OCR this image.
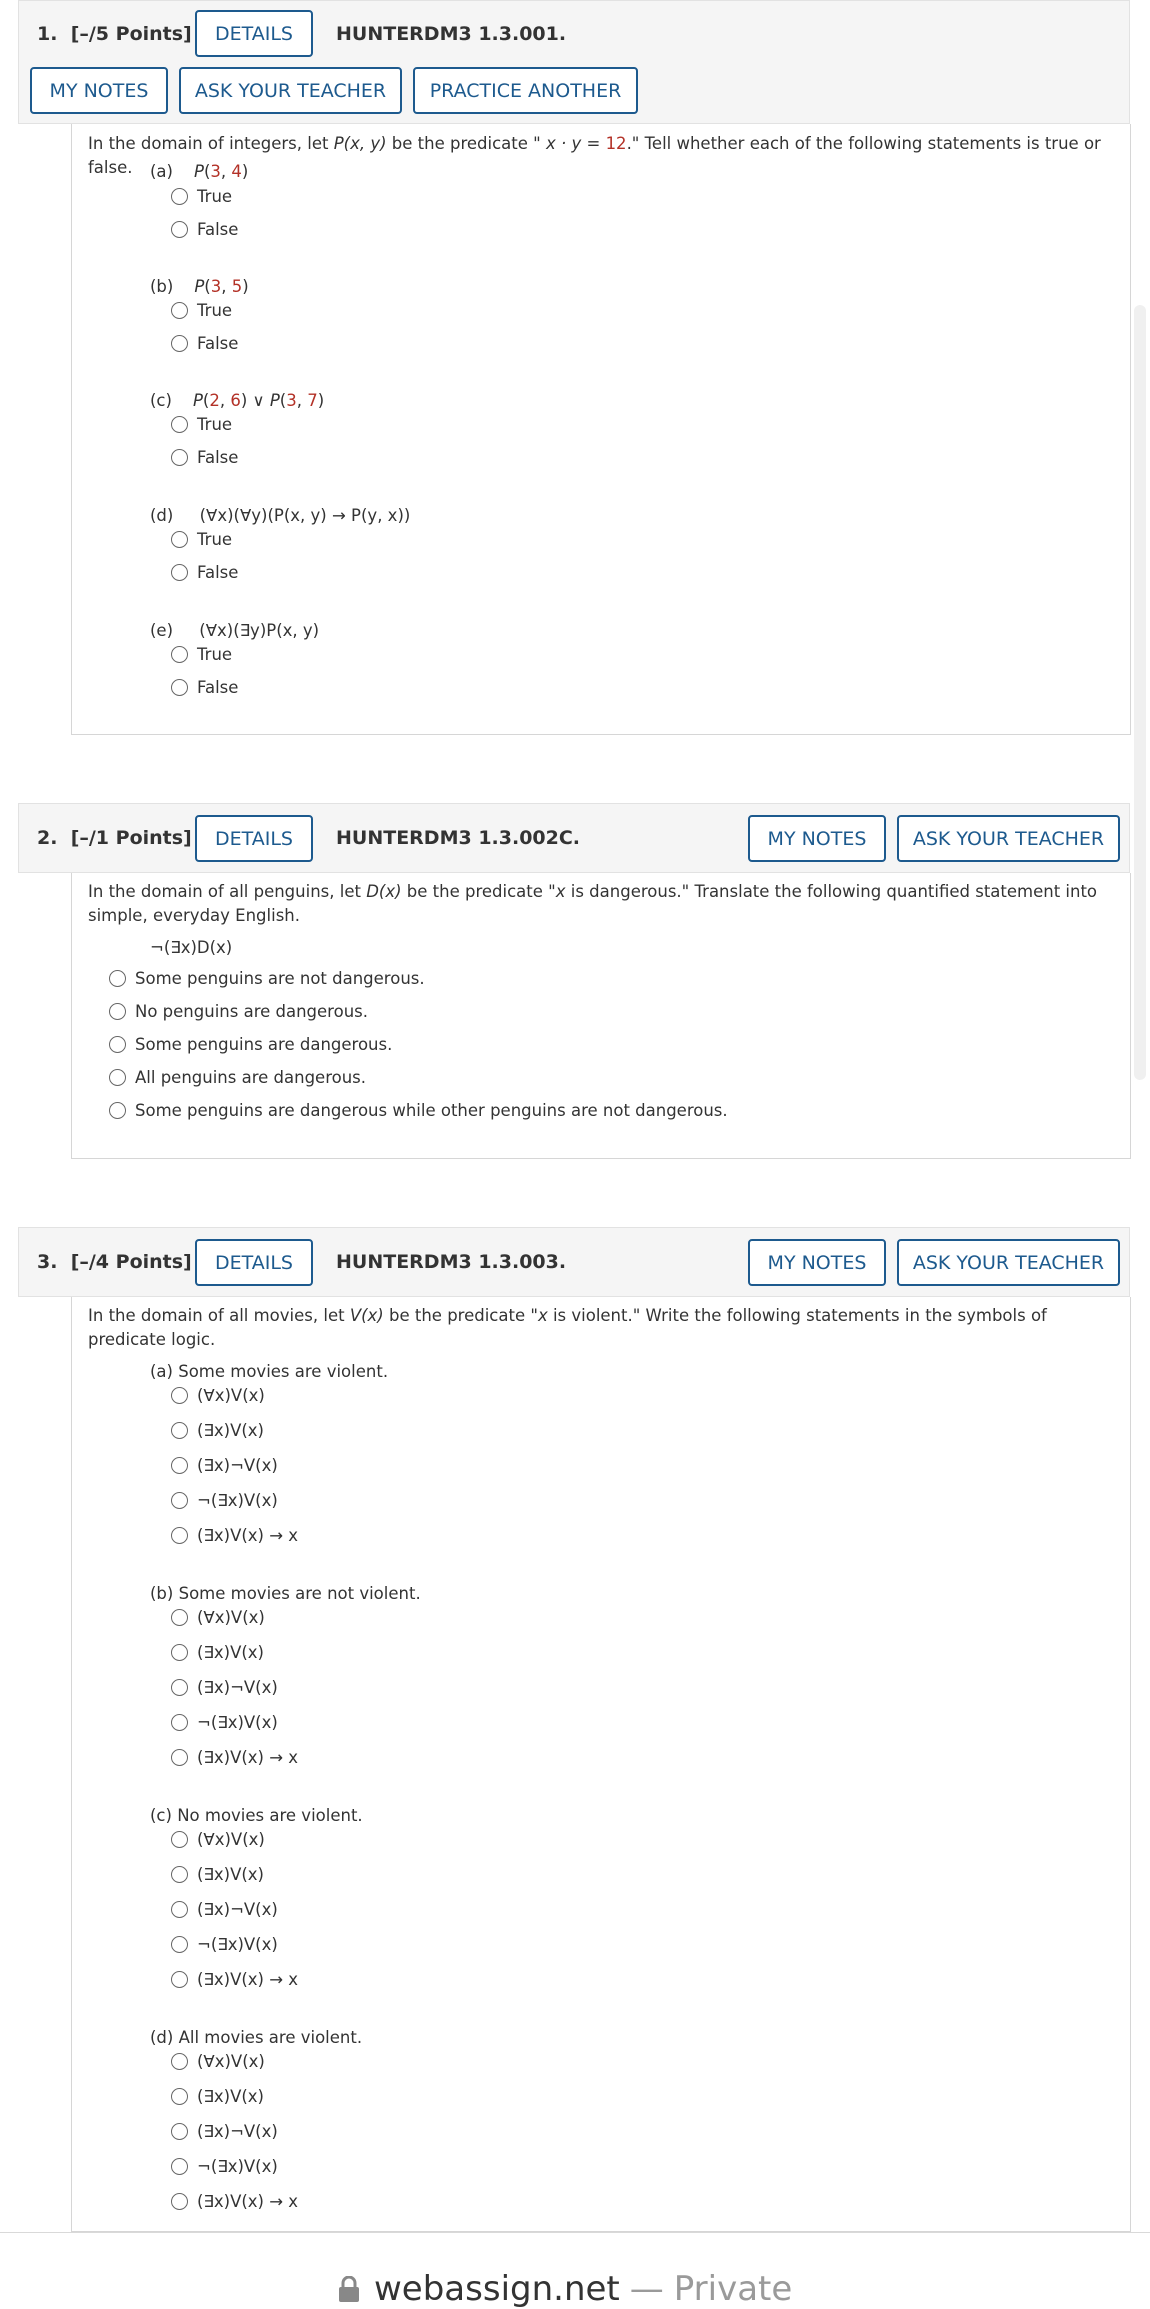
1. [–/5 Points]	DETAILS	HUNTERDM3 1.3.001.
MY NOTES	ASK YOUR TEACHER	PRACTICE ANOTHER
In the domain of integers, let P(x, y) be the predicate " x · y = 12." Tell whether each of the following statements is true or false.	(a) P(3, 4)
True
False
(b) P(3, 5)
True
False
(c) P(2, 6) ∨ P(3, 7)
True
False
(d) (∀x)(∀y)(P(x, y) → P(y, x))
True
False
(e) (∀x)(∃y)P(x, y)
True
False
2. [–/1 Points]	DETAILS	HUNTERDM3 1.3.002C.	MY NOTES	ASK YOUR TEACHER
In the domain of all penguins, let D(x) be the predicate "x is dangerous." Translate the following quantified statement into simple, everyday English.
¬(∃x)D(x)
Some penguins are not dangerous.
No penguins are dangerous.
Some penguins are dangerous.
All penguins are dangerous.
Some penguins are dangerous while other penguins are not dangerous.
3. [–/4 Points]	DETAILS	HUNTERDM3 1.3.003.	MY NOTES	ASK YOUR TEACHER
In the domain of all movies, let V(x) be the predicate "x is violent." Write the following statements in the symbols of predicate logic.
(a) Some movies are violent.
(∀x)V(x)
(∃x)V(x)
(∃x)¬V(x)
¬(∃x)V(x)
(∃x)V(x) → x
(b) Some movies are not violent.
(∀x)V(x)
(∃x)V(x)
(∃x)¬V(x)
¬(∃x)V(x)
(∃x)V(x) → x
(c) No movies are violent.
(∀x)V(x)
(∃x)V(x)
(∃x)¬V(x)
¬(∃x)V(x)
(∃x)V(x) → x
(d) All movies are violent.
(∀x)V(x)
(∃x)V(x)
(∃x)¬V(x)
¬(∃x)V(x)
(∃x)V(x) → x
webassign.net — Private
